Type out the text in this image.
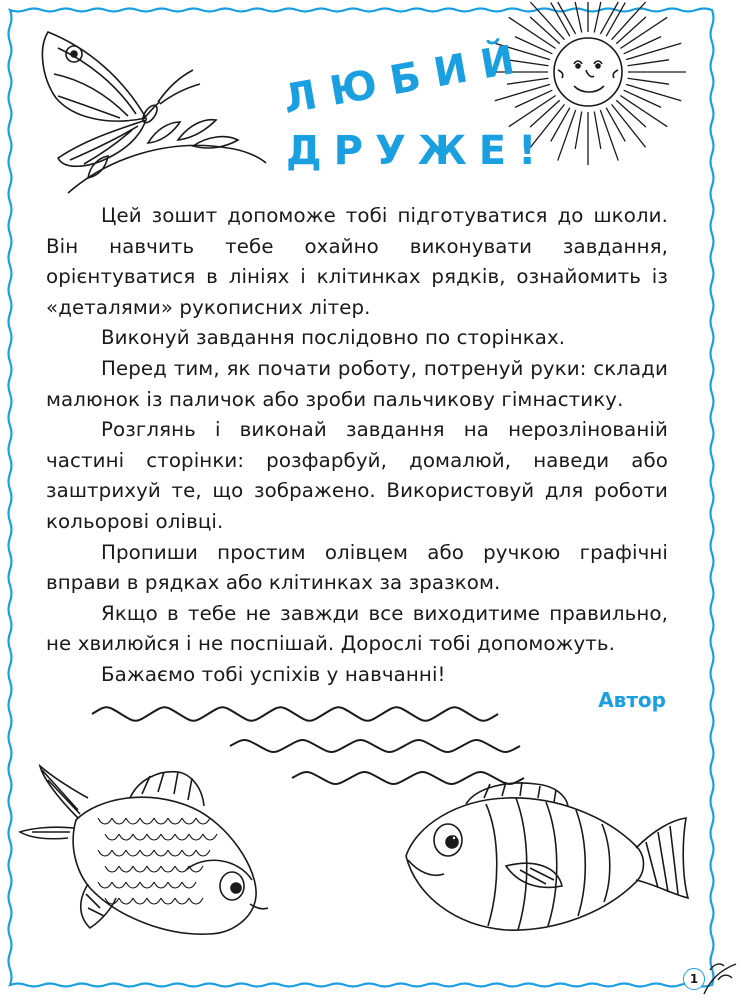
ЛЮБИЙ
ДРУЖЕ!

Цей зошит допоможе тобі підготуватися до школи. Він навчить тебе охайно виконувати завдання, орієнтуватися в лініях і клітинках рядків, ознайомить із «деталями» рукописних літер.

Виконуй завдання послідовно по сторінках.

Перед тим, як почати роботу, потренуй руки: склади малюнок із паличок або зроби пальчикову гімнастику.

Розглянь і виконай завдання на нерозлінованій частині сторінки: розфарбуй, домалюй, наведи або заштрихуй те, що зображено. Використовуй для роботи кольорові олівці.

Пропиши простим олівцем або ручкою графічні вправи в рядках або клітинках за зразком.

Якщо в тебе не завжди все виходитиме правильно, не хвилюйся і не поспішай. Дорослі тобі допоможуть.

Бажаємо тобі успіхів у навчанні!

Автор
1
